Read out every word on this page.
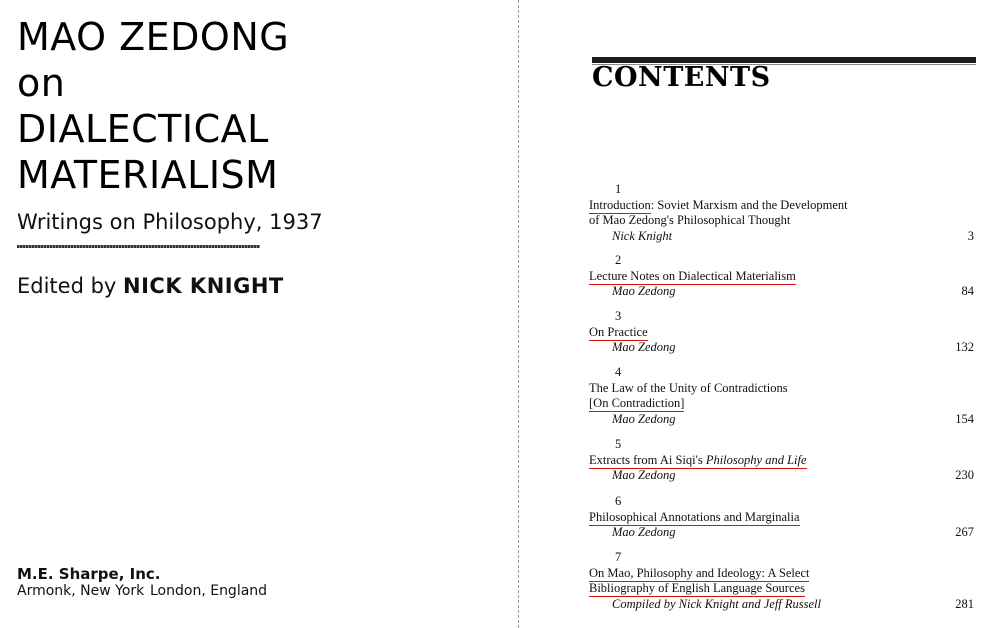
MAO ZEDONG
on
DIALECTICAL
MATERIALISM

Writings on Philosophy, 1937

Edited by NICK KNIGHT
M.E. Sharpe, Inc.
Armonk, New York London, England
CONTENTS
1
Introduction: Soviet Marxism and the Development
of Mao Zedong's Philosophical Thought
Nick Knight	3
2
Lecture Notes on Dialectical Materialism
Mao Zedong	84
3
On Practice
Mao Zedong	132
4
The Law of the Unity of Contradictions
[On Contradiction]
Mao Zedong	154
5
Extracts from Ai Siqi's Philosophy and Life
Mao Zedong	230
6
Philosophical Annotations and Marginalia
Mao Zedong	267
7
On Mao, Philosophy and Ideology: A Select
Bibliography of English Language Sources
Compiled by Nick Knight and Jeff Russell	281
